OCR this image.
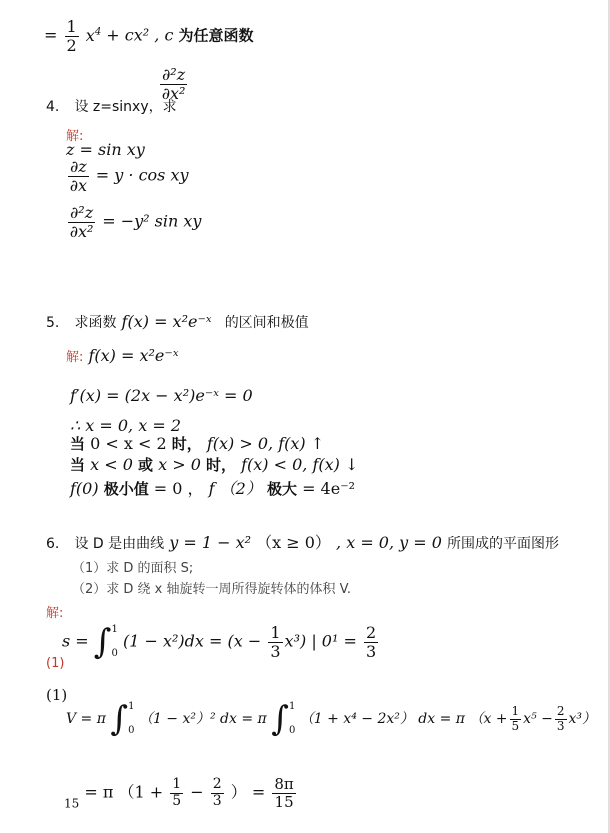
= $\frac{1}{2} x^4 + cx^2$ , c 为任意函数
4. 设 z=sinxy，求
$\frac{\text{∂²z}}{\text{∂x²}}$
解:
z = sin xy
$\frac{\partial z}{\partial x} = y \cdot \cos$ xy
$\frac{\text{∂²z}}{\text{∂x²}} = -y^2$ sin xy
5. 求函数 f(x) = x²e⁻ˣ 的区间和极值
解: f(x) = x²e⁻ˣ
f′(x) = (2x − x²)e⁻ˣ = 0
∴ x = 0, x = 2
当 0 < x < 2 时， f(x) > 0, f(x) ↑
当 x < 0 或 x > 0 时， f(x) < 0, f(x) ↓
f(0) 极小值 = 0 ， f （2） 极大 = 4e⁻²
6. 设 D 是由曲线 y = 1 − x² （x ≥ 0） , x = 0, y = 0 所围成的平面图形
（1）求 D 的面积 S;
（2）求 D 绕 x 轴旋转一周所得旋转体的体积 V.
解:
s = ∫ 1
0
$(1 - x^2)dx = (x - \frac{1}{3} x^3)$ | $0^1 = \frac{2}{3}$
(1)
(1)
V = π ∫ 1
0
（1 − x²）² dx = π ∫ 1
0
（1 + x⁴ − 2x²） dx = π $(x + \frac{1}{5} x^5 - \frac{2}{3} x^3)$
$_{15}$ = π （$1 + \frac{1}{5} - \frac{2}{3}$ ） = $\frac{8\pi}{15}$
